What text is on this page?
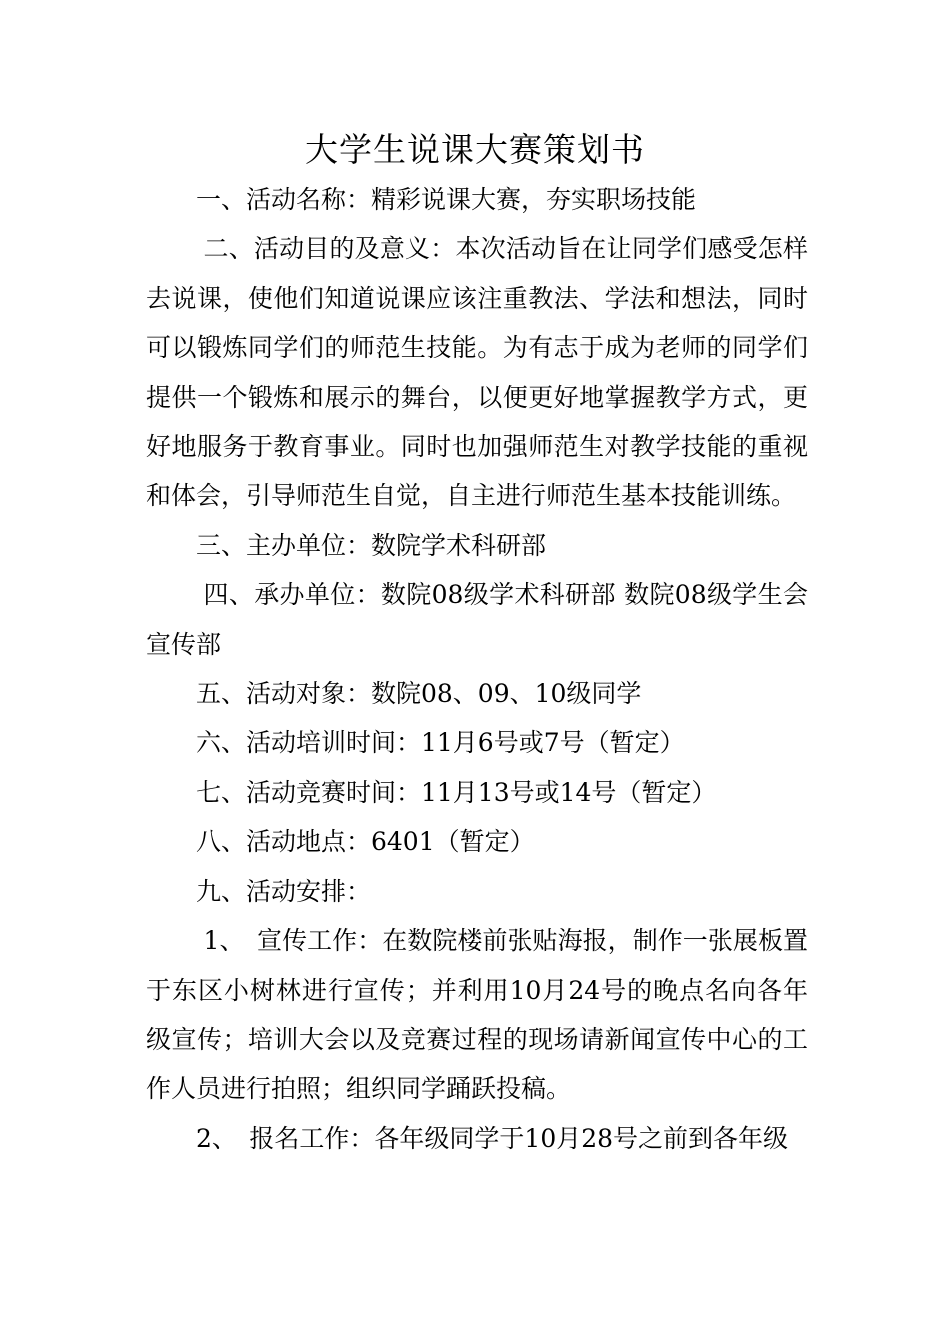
大学生说课大赛策划书

一、活动名称：精彩说课大赛，夯实职场技能

二、活动目的及意义：本次活动旨在让同学们感受怎样去说课，使他们知道说课应该注重教法、学法和想法，同时可以锻炼同学们的师范生技能。为有志于成为老师的同学们提供一个锻炼和展示的舞台，以便更好地掌握教学方式，更好地服务于教育事业。同时也加强师范生对教学技能的重视和体会，引导师范生自觉，自主进行师范生基本技能训练。

三、主办单位：数院学术科研部

四、承办单位：数院08级学术科研部 数院08级学生会宣传部

五、活动对象：数院08、09、10级同学

六、活动培训时间：11月6号或7号（暂定）

七、活动竞赛时间：11月13号或14号（暂定）

八、活动地点：6401（暂定）

九、活动安排：

1、　宣传工作：在数院楼前张贴海报，制作一张展板置于东区小树林进行宣传；并利用10月24号的晚点名向各年级宣传；培训大会以及竞赛过程的现场请新闻宣传中心的工作人员进行拍照；组织同学踊跃投稿。

2、　报名工作：各年级同学于10月28号之前到各年级
